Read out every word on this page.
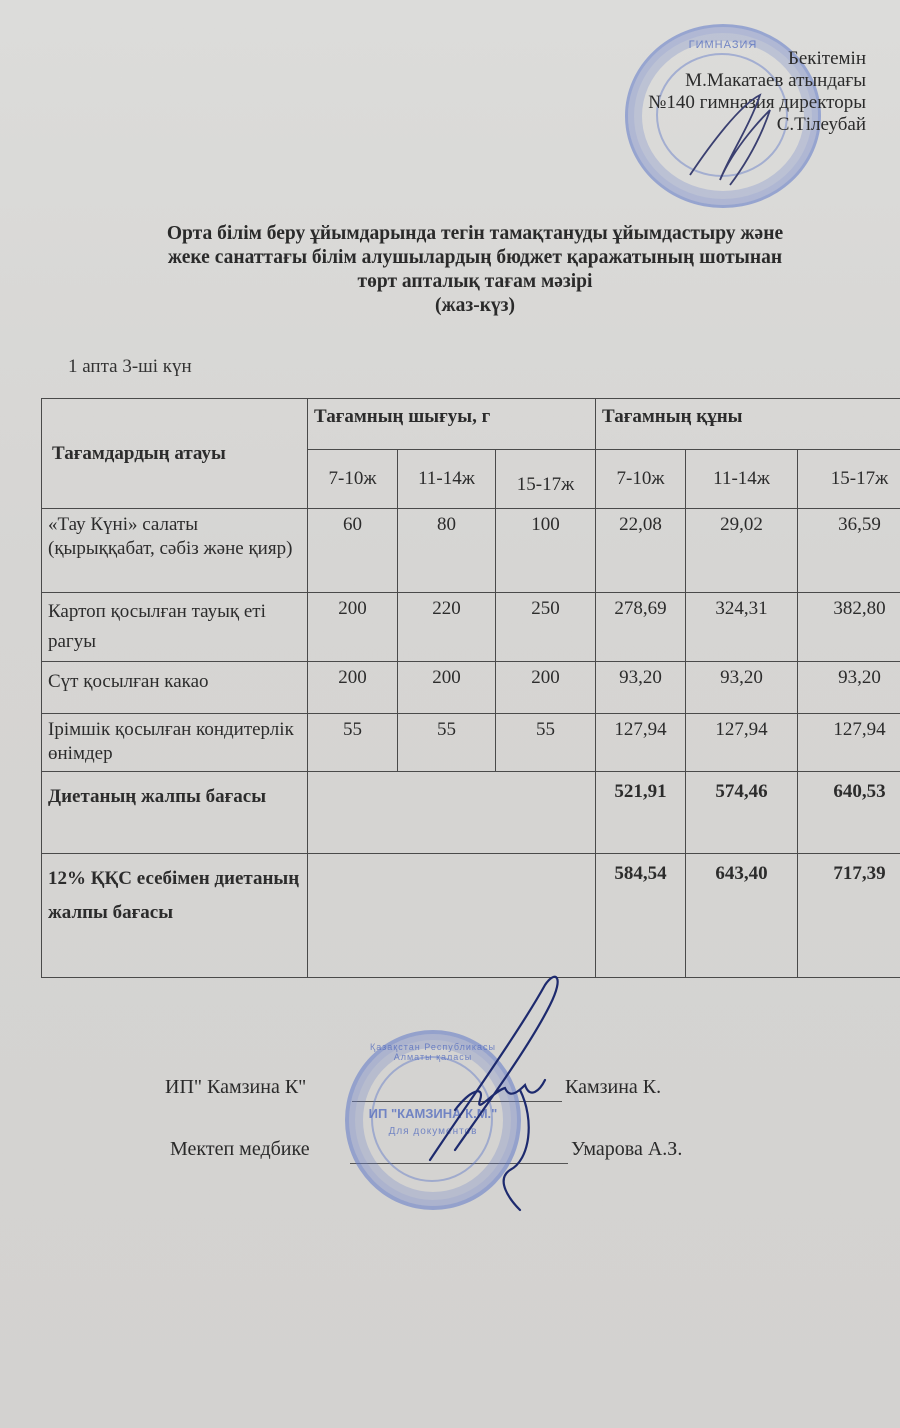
ГИМНАЗИЯ
Бекітемін
М.Макатаев атындағы
№140 гимназия директоры
С.Тілеубай
Орта білім беру ұйымдарында тегін тамақтануды ұйымдастыру және
жеке санаттағы білім алушылардың бюджет қаражатының шотынан
төрт апталық тағам мәзірі
(жаз-күз)
1 апта 3-ші күн
Тағамдардың атауы	Тағамның шығуы, г			Тағамның құны		
	7-10ж	11-14ж	15-17ж	7-10ж	11-14ж	15-17ж
«Тау Күні» салаты (қырыққабат, сәбіз және қияр)	60	80	100	22,08	29,02	36,59
Картоп қосылған тауық еті рагуы	200	220	250	278,69	324,31	382,80
Сүт қосылған какао	200	200	200	93,20	93,20	93,20
Ірімшік қосылған кондитерлік өнімдер	55	55	55	127,94	127,94	127,94
Диетаның жалпы бағасы				521,91	574,46	640,53
12% ҚҚС есебімен диетаның жалпы бағасы				584,54	643,40	717,39
Қазақстан Республикасы Алматы қаласы
ИП "КАМЗИНА К.М."
Для документов
ИП" Камзина К"	Камзина К.
Мектеп медбике	Умарова А.З.
